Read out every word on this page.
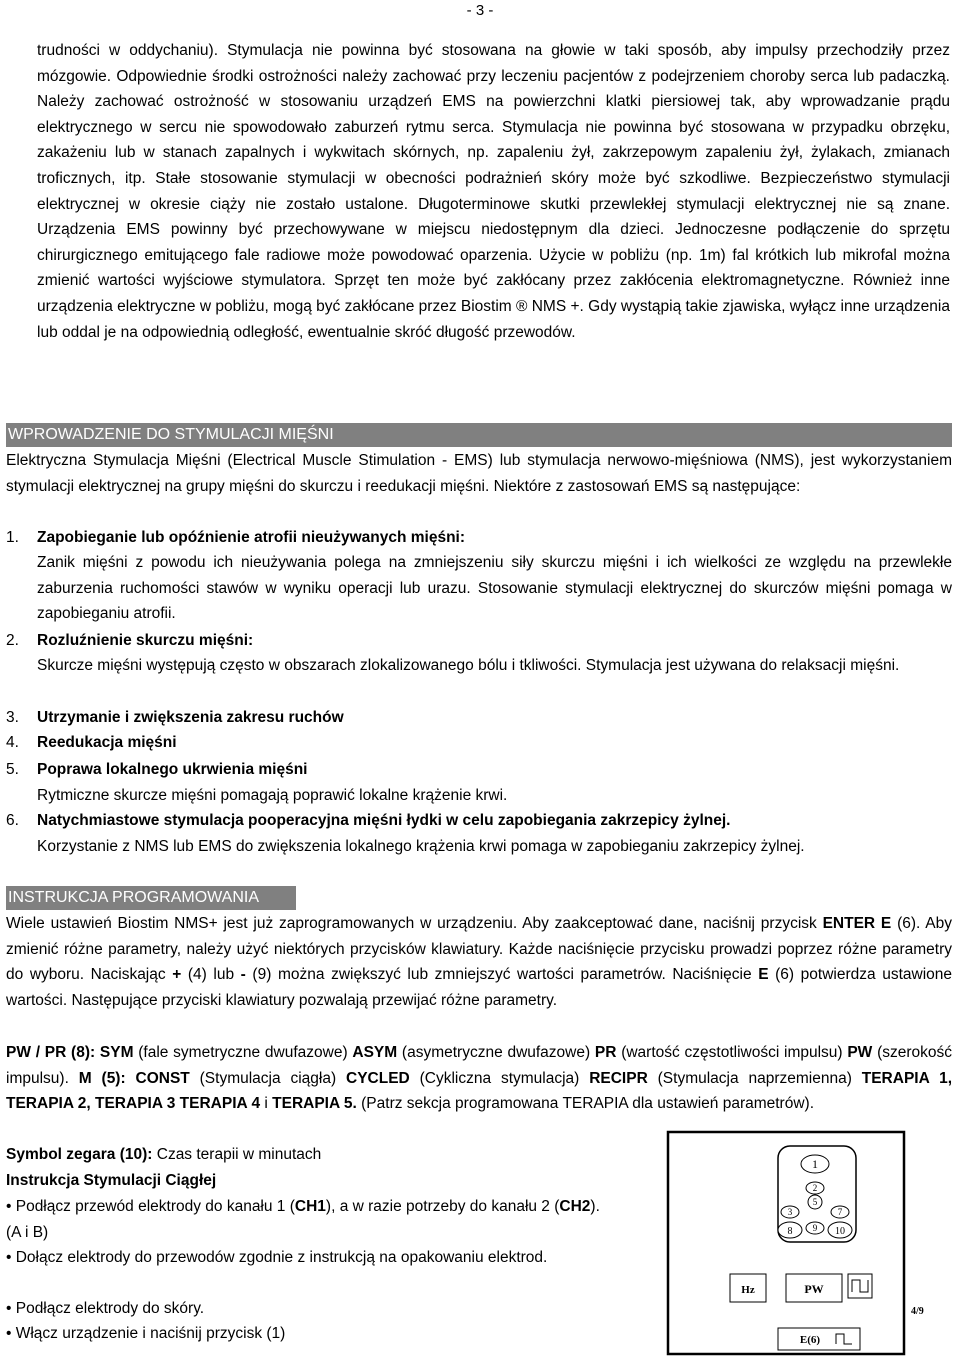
- 3 -
trudności w oddychaniu). Stymulacja nie powinna być stosowana na głowie w taki sposób, aby impulsy przechodziły przez mózgowie. Odpowiednie środki ostrożności należy zachować przy leczeniu pacjentów z podejrzeniem choroby serca lub padaczką. Należy zachować ostrożność w stosowaniu urządzeń EMS na powierzchni klatki piersiowej tak, aby wprowadzanie prądu elektrycznego w sercu nie spowodowało zaburzeń rytmu serca. Stymulacja nie powinna być stosowana w przypadku obrzęku, zakażeniu lub w stanach zapalnych i wykwitach skórnych, np. zapaleniu żył, zakrzepowym zapaleniu żył, żylakach, zmianach troficznych, itp. Stałe stosowanie stymulacji w obecności podrażnień skóry może być szkodliwe. Bezpieczeństwo stymulacji elektrycznej w okresie ciąży nie zostało ustalone. Długoterminowe skutki przewlekłej stymulacji elektrycznej nie są znane. Urządzenia EMS powinny być przechowywane w miejscu niedostępnym dla dzieci. Jednoczesne podłączenie do sprzętu chirurgicznego emitującego fale radiowe może powodować oparzenia. Użycie w pobliżu (np. 1m) fal krótkich lub mikrofal można zmienić wartości wyjściowe stymulatora. Sprzęt ten może być zakłócany przez zakłócenia elektromagnetyczne. Również inne urządzenia elektryczne w pobliżu, mogą być zakłócane przez Biostim ® NMS +. Gdy wystąpią takie zjawiska, wyłącz inne urządzenia lub oddal je na odpowiednią odległość, ewentualnie skróć długość przewodów.
WPROWADZENIE DO STYMULACJI MIĘŚNI
Elektryczna Stymulacja Mięśni (Electrical Muscle Stimulation - EMS) lub stymulacja nerwowo-mięśniowa (NMS), jest wykorzystaniem stymulacji elektrycznej na grupy mięśni do skurczu i reedukacji mięśni. Niektóre z zastosowań EMS są następujące:
1. Zapobieganie lub opóźnienie atrofii nieużywanych mięśni:
Zanik mięśni z powodu ich nieużywania polega na zmniejszeniu siły skurczu mięśni i ich wielkości ze względu na przewlekłe zaburzenia ruchomości stawów w wyniku operacji lub urazu. Stosowanie stymulacji elektrycznej do skurczów mięśni pomaga w zapobieganiu atrofii.
2. Rozluźnienie skurczu mięśni:
Skurcze mięśni występują często w obszarach zlokalizowanego bólu i tkliwości. Stymulacja jest używana do relaksacji mięśni.
3. Utrzymanie i zwiększenia zakresu ruchów
4. Reedukacja mięśni
5. Poprawa lokalnego ukrwienia mięśni
Rytmiczne skurcze mięśni pomagają poprawić lokalne krążenie krwi.
6. Natychmiastowe stymulacja pooperacyjna mięśni łydki w celu zapobiegania zakrzepicy żylnej.
Korzystanie z NMS lub EMS do zwiększenia lokalnego krążenia krwi pomaga w zapobieganiu zakrzepicy żylnej.
INSTRUKCJA PROGRAMOWANIA
Wiele ustawień Biostim NMS+ jest już zaprogramowanych w urządzeniu. Aby zaakceptować dane, naciśnij przycisk ENTER E (6). Aby zmienić różne parametry, należy użyć niektórych przycisków klawiatury. Każde naciśnięcie przycisku prowadzi poprzez różne parametry do wyboru. Naciskając + (4) lub - (9) można zwiększyć lub zmniejszyć wartości parametrów. Naciśnięcie E (6) potwierdza ustawione wartości. Następujące przyciski klawiatury pozwalają przewijać różne parametry.
PW / PR (8): SYM (fale symetryczne dwufazowe) ASYM (asymetryczne dwufazowe) PR (wartość częstotliwości impulsu) PW (szerokość impulsu). M (5): CONST (Stymulacja ciągła) CYCLED (Cykliczna stymulacja) RECIPR (Stymulacja naprzemienna) TERAPIA 1, TERAPIA 2, TERAPIA 3 TERAPIA 4 i TERAPIA 5. (Patrz sekcja programowana TERAPIA dla ustawień parametrów).
Symbol zegara (10): Czas terapii w minutach
Instrukcja Stymulacji Ciągłej
• Podłącz przewód elektrody do kanału 1 (CH1), a w razie potrzeby do kanału 2 (CH2). (A i B)
• Dołącz elektrody do przewodów zgodnie z instrukcją na opakowaniu elektrod.
• Podłącz elektrody do skóry.
• Włącz urządzenie i naciśnij przycisk (1)
1
2
5
3	7
8 9 10
Hz	PW
4/9
E(6)
